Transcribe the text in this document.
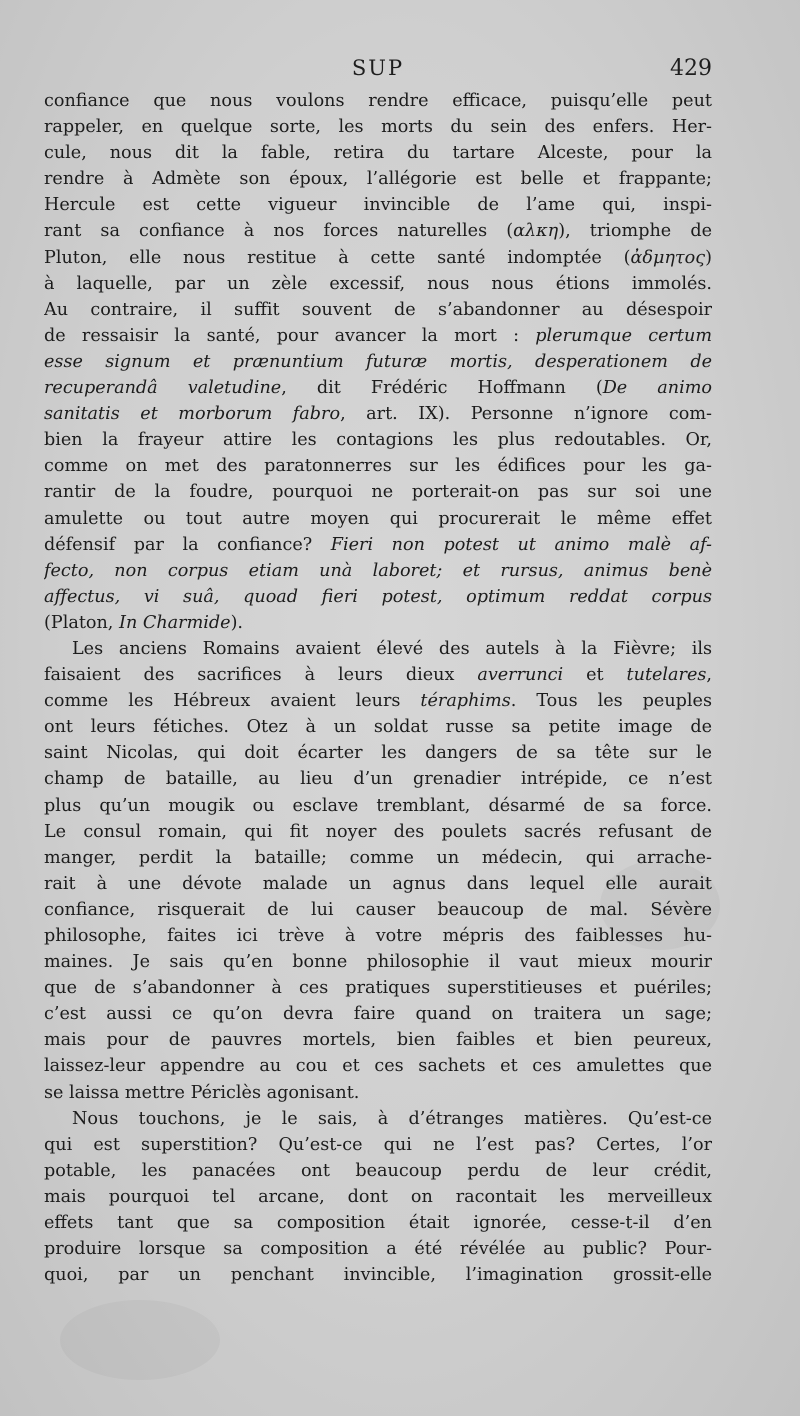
SUP	429
confiance que nous voulons rendre efficace, puisqu’elle peut
rappeler, en quelque sorte, les morts du sein des enfers. Her-
cule, nous dit la fable, retira du tartare Alceste, pour la
rendre à Admète son époux, l’allégorie est belle et frappante;
Hercule est cette vigueur invincible de l’ame qui, inspi-
rant sa confiance à nos forces naturelles (αλκη), triomphe de
Pluton, elle nous restitue à cette santé indomptée (ἀδμητος)
à laquelle, par un zèle excessif, nous nous étions immolés.
Au contraire, il suffit souvent de s’abandonner au désespoir
de ressaisir la santé, pour avancer la mort : plerumque certum
esse signum et prænuntium futuræ mortis, desperationem de
recuperandâ valetudine, dit Frédéric Hoffmann (De animo
sanitatis et morborum fabro, art. IX). Personne n’ignore com-
bien la frayeur attire les contagions les plus redoutables. Or,
comme on met des paratonnerres sur les édifices pour les ga-
rantir de la foudre, pourquoi ne porterait-on pas sur soi une
amulette ou tout autre moyen qui procurerait le même effet
défensif par la confiance? Fieri non potest ut animo malè af-
fecto, non corpus etiam unà laboret; et rursus, animus benè
affectus, vi suâ, quoad fieri potest, optimum reddat corpus
(Platon, In Charmide).
Les anciens Romains avaient élevé des autels à la Fièvre; ils
faisaient des sacrifices à leurs dieux averrunci et tutelares,
comme les Hébreux avaient leurs téraphims. Tous les peuples
ont leurs fétiches. Otez à un soldat russe sa petite image de
saint Nicolas, qui doit écarter les dangers de sa tête sur le
champ de bataille, au lieu d’un grenadier intrépide, ce n’est
plus qu’un mougik ou esclave tremblant, désarmé de sa force.
Le consul romain, qui fit noyer des poulets sacrés refusant de
manger, perdit la bataille; comme un médecin, qui arrache-
rait à une dévote malade un agnus dans lequel elle aurait
confiance, risquerait de lui causer beaucoup de mal. Sévère
philosophe, faites ici trève à votre mépris des faiblesses hu-
maines. Je sais qu’en bonne philosophie il vaut mieux mourir
que de s’abandonner à ces pratiques superstitieuses et puériles;
c’est aussi ce qu’on devra faire quand on traitera un sage;
mais pour de pauvres mortels, bien faibles et bien peureux,
laissez-leur appendre au cou et ces sachets et ces amulettes que
se laissa mettre Périclès agonisant.
Nous touchons, je le sais, à d’étranges matières. Qu’est-ce
qui est superstition? Qu’est-ce qui ne l’est pas? Certes, l’or
potable, les panacées ont beaucoup perdu de leur crédit,
mais pourquoi tel arcane, dont on racontait les merveilleux
effets tant que sa composition était ignorée, cesse-t-il d’en
produire lorsque sa composition a été révélée au public? Pour-
quoi, par un penchant invincible, l’imagination grossit-elle
